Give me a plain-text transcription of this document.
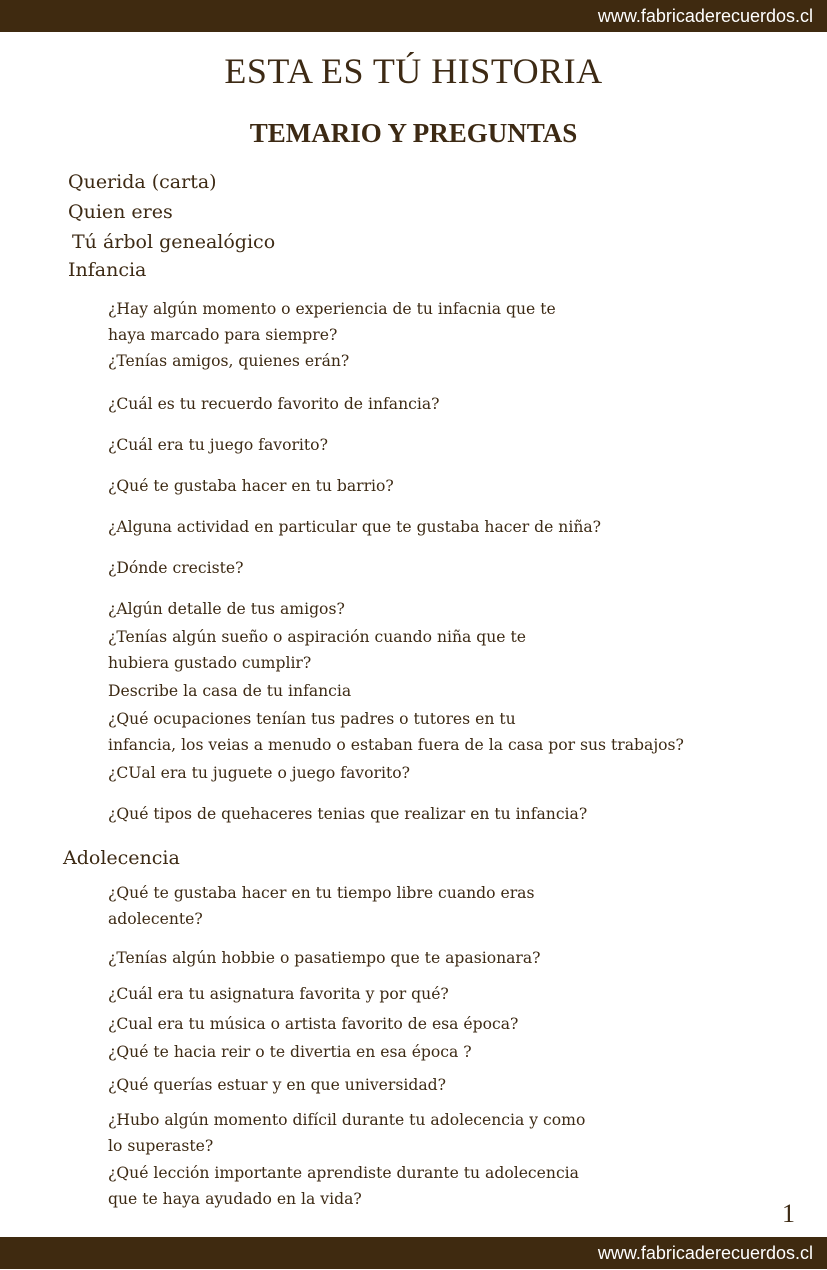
www.fabricaderecuerdos.cl
ESTA ES TÚ HISTORIA
TEMARIO Y PREGUNTAS

Querida (carta)

Quien eres

Tú árbol genealógico

Infancia

¿Hay algún momento o experiencia de tu infacnia que te
haya marcado para siempre?

¿Tenías amigos, quienes erán?

¿Cuál es tu recuerdo favorito de infancia?

¿Cuál era tu juego favorito?

¿Qué te gustaba hacer en tu barrio?

¿Alguna actividad en particular que te gustaba hacer de niña?

¿Dónde creciste?

¿Algún detalle de tus amigos?

¿Tenías algún sueño o aspiración cuando niña que te
hubiera gustado cumplir?

Describe la casa de tu infancia

¿Qué ocupaciones tenían tus padres o tutores en tu
infancia, los veias a menudo o estaban fuera de la casa por sus trabajos?

¿CUal era tu juguete o juego favorito?

¿Qué tipos de quehaceres tenias que realizar en tu infancia?

Adolecencia

¿Qué te gustaba hacer en tu tiempo libre cuando eras
adolecente?

¿Tenías algún hobbie o pasatiempo que te apasionara?

¿Cuál era tu asignatura favorita y por qué?

¿Cual era tu música o artista favorito de esa época?

¿Qué te hacia reir o te divertia en esa época ?

¿Qué querías estuar y en que universidad?

¿Hubo algún momento difícil durante tu adolecencia y como
lo superaste?

¿Qué lección importante aprendiste durante tu adolecencia
que te haya ayudado en la vida?	1
www.fabricaderecuerdos.cl
